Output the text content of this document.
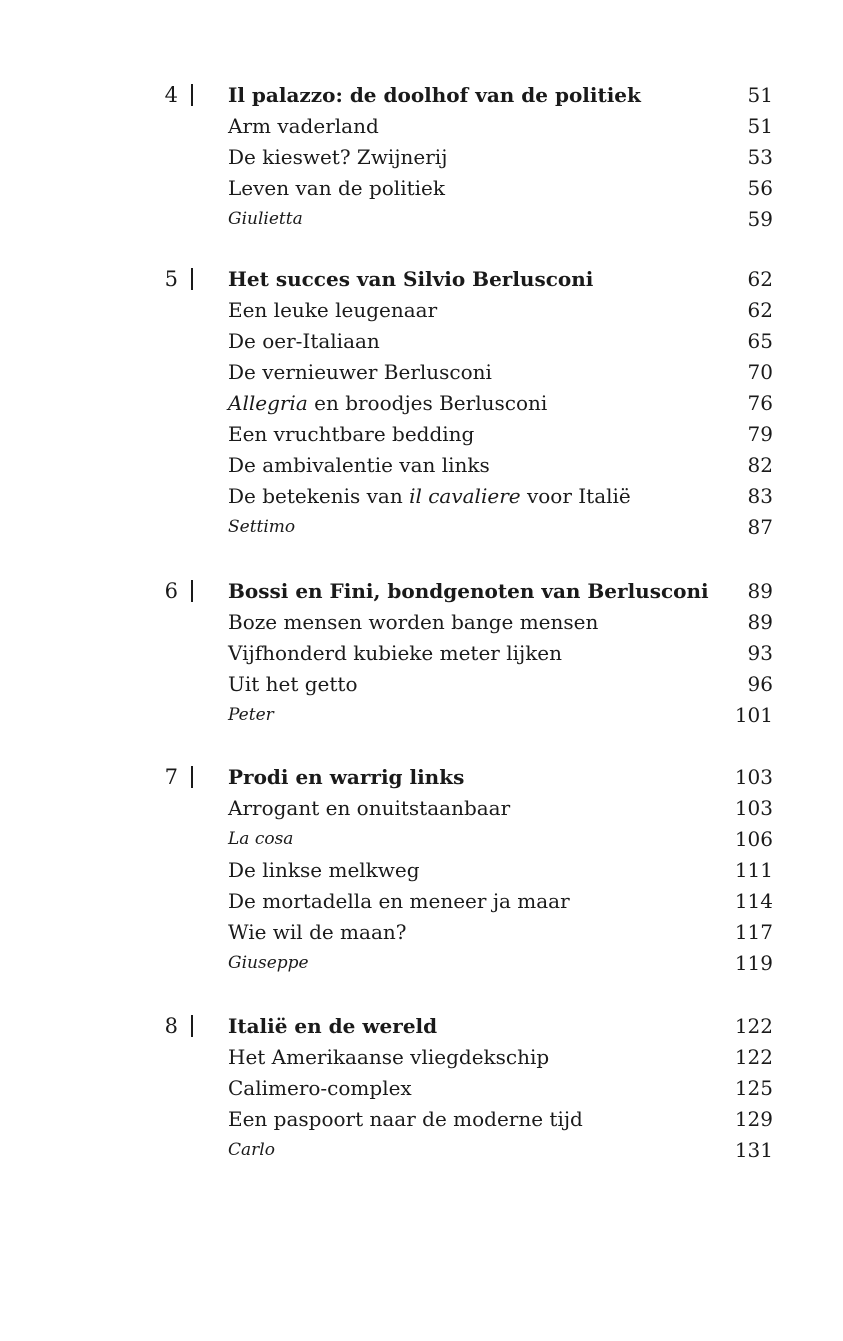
4	Il palazzo: de doolhof van de politiek	51
Arm vaderland	51
De kieswet? Zwijnerij	53
Leven van de politiek	56
Giulietta	59
5	Het succes van Silvio Berlusconi	62
Een leuke leugenaar	62
De oer-Italiaan	65
De vernieuwer Berlusconi	70
Allegria en broodjes Berlusconi	76
Een vruchtbare bedding	79
De ambivalentie van links	82
De betekenis van il cavaliere voor Italië	83
Settimo	87
6	Bossi en Fini, bondgenoten van Berlusconi 89
Boze mensen worden bange mensen	89
Vijfhonderd kubieke meter lijken	93
Uit het getto	96
Peter	101
7	Prodi en warrig links	103
Arrogant en onuitstaanbaar	103
La cosa	106
De linkse melkweg	111
De mortadella en meneer ja maar	114
Wie wil de maan?	117
Giuseppe	119
8	Italië en de wereld	122
Het Amerikaanse vliegdekschip	122
Calimero-complex	125
Een paspoort naar de moderne tijd	129
Carlo	131
